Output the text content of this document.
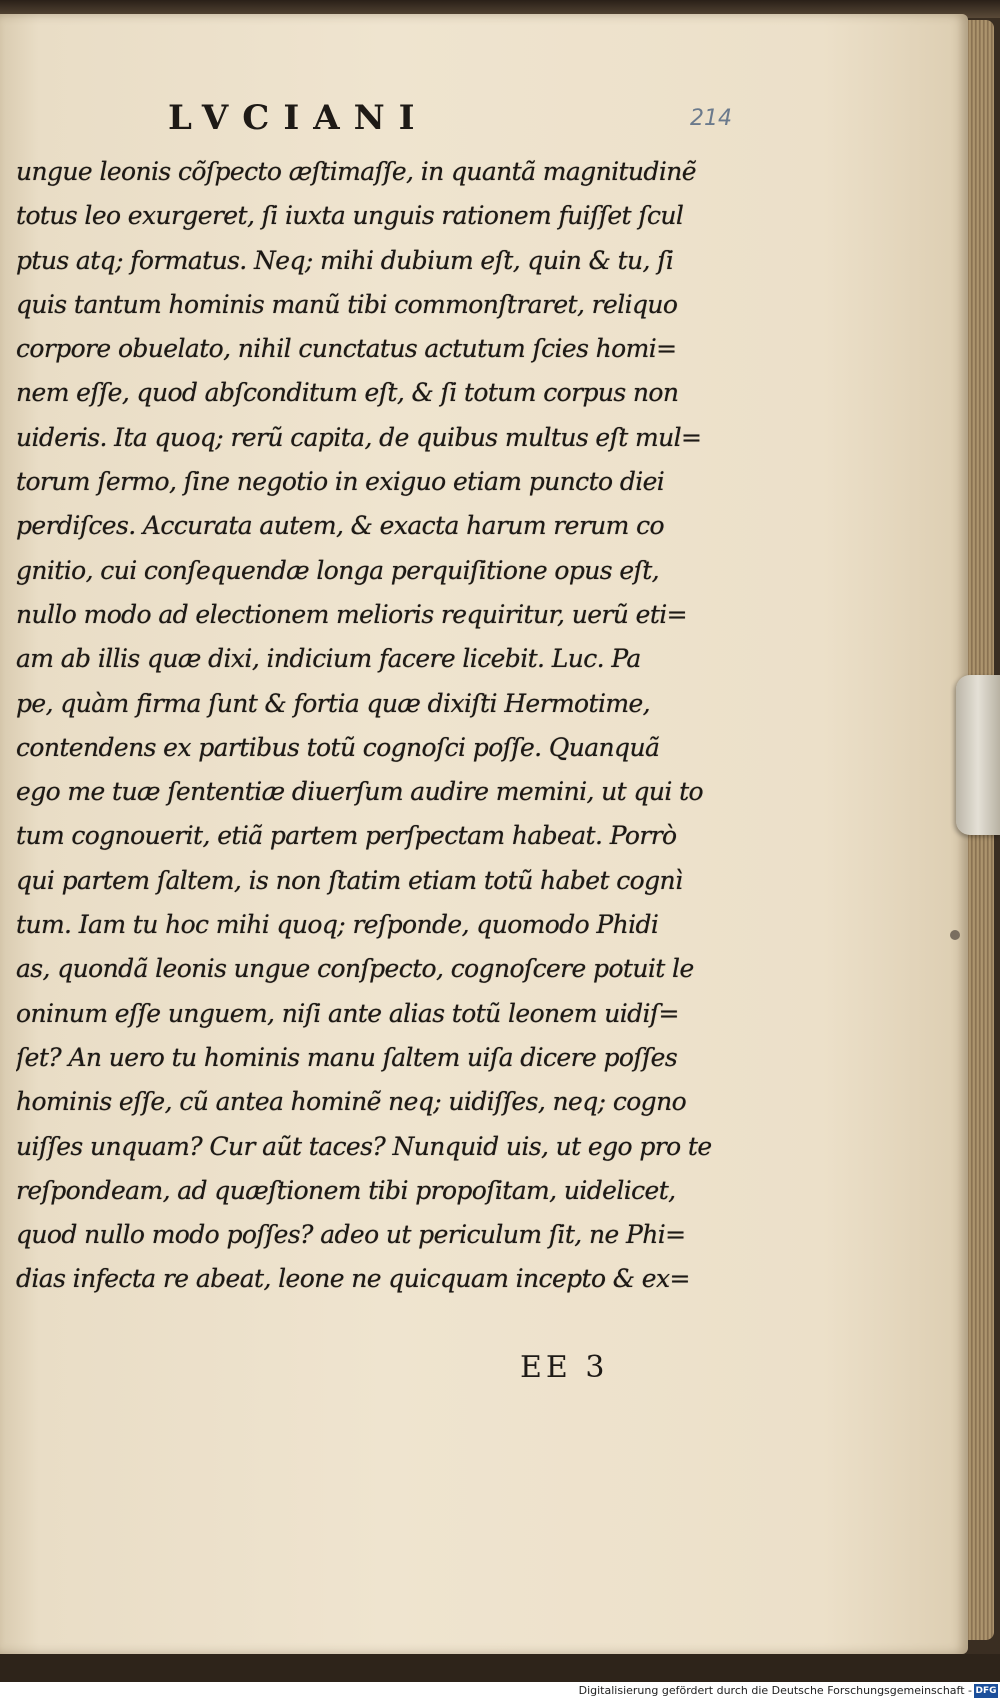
LVCIANI	214
ungue leonis cõſpecto æſtimaſſe, in quantã magnitudinẽ
totus leo exurgeret, ſi iuxta unguis rationem fuiſſet ſcul
ptus atq; formatus. Neq; mihi dubium eſt, quin & tu, ſi
quis tantum hominis manũ tibi commonſtraret, reliquo
corpore obuelato, nihil cunctatus actutum ſcies homi=
nem eſſe, quod abſconditum eſt, & ſi totum corpus non
uideris. Ita quoq; rerũ capita, de quibus multus eſt mul=
torum ſermo, ſine negotio in exiguo etiam puncto diei
perdiſces. Accurata autem, & exacta harum rerum co
gnitio, cui conſequendæ longa perquiſitione opus eſt,
nullo modo ad electionem melioris requiritur, uerũ eti=
am ab illis quæ dixi, indicium facere licebit. Luc. Pa
pe, quàm firma ſunt & fortia quæ dixiſti Hermotime,
contendens ex partibus totũ cognoſci poſſe. Quanquã
ego me tuæ ſententiæ diuerſum audire memini, ut qui to
tum cognouerit, etiã partem perſpectam habeat. Porrò
qui partem ſaltem, is non ſtatim etiam totũ habet cognì
tum. Iam tu hoc mihi quoq; reſponde, quomodo Phidi
as, quondã leonis ungue conſpecto, cognoſcere potuit le
oninum eſſe unguem, niſi ante alias totũ leonem uidiſ=
ſet? An uero tu hominis manu ſaltem uiſa dicere poſſes
hominis eſſe, cũ antea hominẽ neq; uidiſſes, neq; cogno
uiſſes unquam? Cur aũt taces? Nunquid uis, ut ego pro te
reſpondeam, ad quæſtionem tibi propoſitam, uidelicet,
quod nullo modo poſſes? adeo ut periculum ſit, ne Phi=
dias infecta re abeat, leone ne quicquam incepto & ex=
EE 3
Digitalisierung gefördert durch die Deutsche Forschungsgemeinschaft - DFG
